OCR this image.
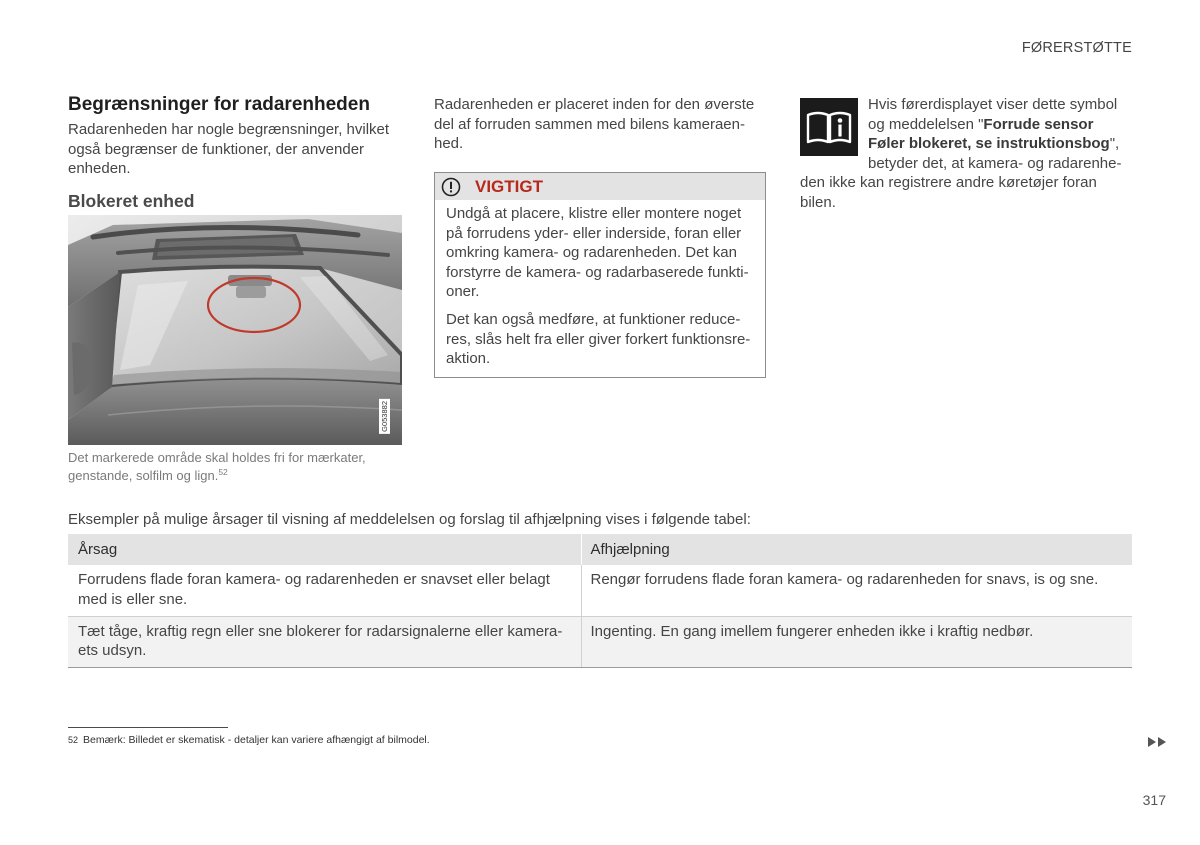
FØRERSTØTTE
Begrænsninger for radarenheden
Radarenheden har nogle begrænsninger, hvilket
også begrænser de funktioner, der anvender
enheden.
Blokeret enhed
G053882
Det markerede område skal holdes fri for mærkater,
genstande, solfilm og lign.$^{52}$
Radarenheden er placeret inden for den øverste
del af forruden sammen med bilens kameraen-
hed.
VIGTIGT

Undgå at placere, klistre eller montere noget
på forrudens yder- eller inderside, foran eller
omkring kamera- og radarenheden. Det kan
forstyrre de kamera- og radarbaserede funkti-
oner.

Det kan også medføre, at funktioner reduce-
res, slås helt fra eller giver forkert funktionsre-
aktion.

Hvis førerdisplayet viser dette symbol
og meddelelsen "Forrude sensor
Føler blokeret, se instruktionsbog",
betyder det, at kamera- og radarenhe-
den ikke kan registrere andre køretøjer foran
bilen.
Eksempler på mulige årsager til visning af meddelelsen og forslag til afhjælpning vises i følgende tabel:
Årsag	Afhjælpning

Forrudens flade foran kamera- og radarenheden er snavset eller belagt
med is eller sne.	Rengør forrudens flade foran kamera- og radarenheden for snavs, is og sne.

Tæt tåge, kraftig regn eller sne blokerer for radarsignalerne eller kamera-
ets udsyn.	Ingenting. En gang imellem fungerer enheden ikke i kraftig nedbør.
52 Bemærk: Billedet er skematisk - detaljer kan variere afhængigt af bilmodel.
317
